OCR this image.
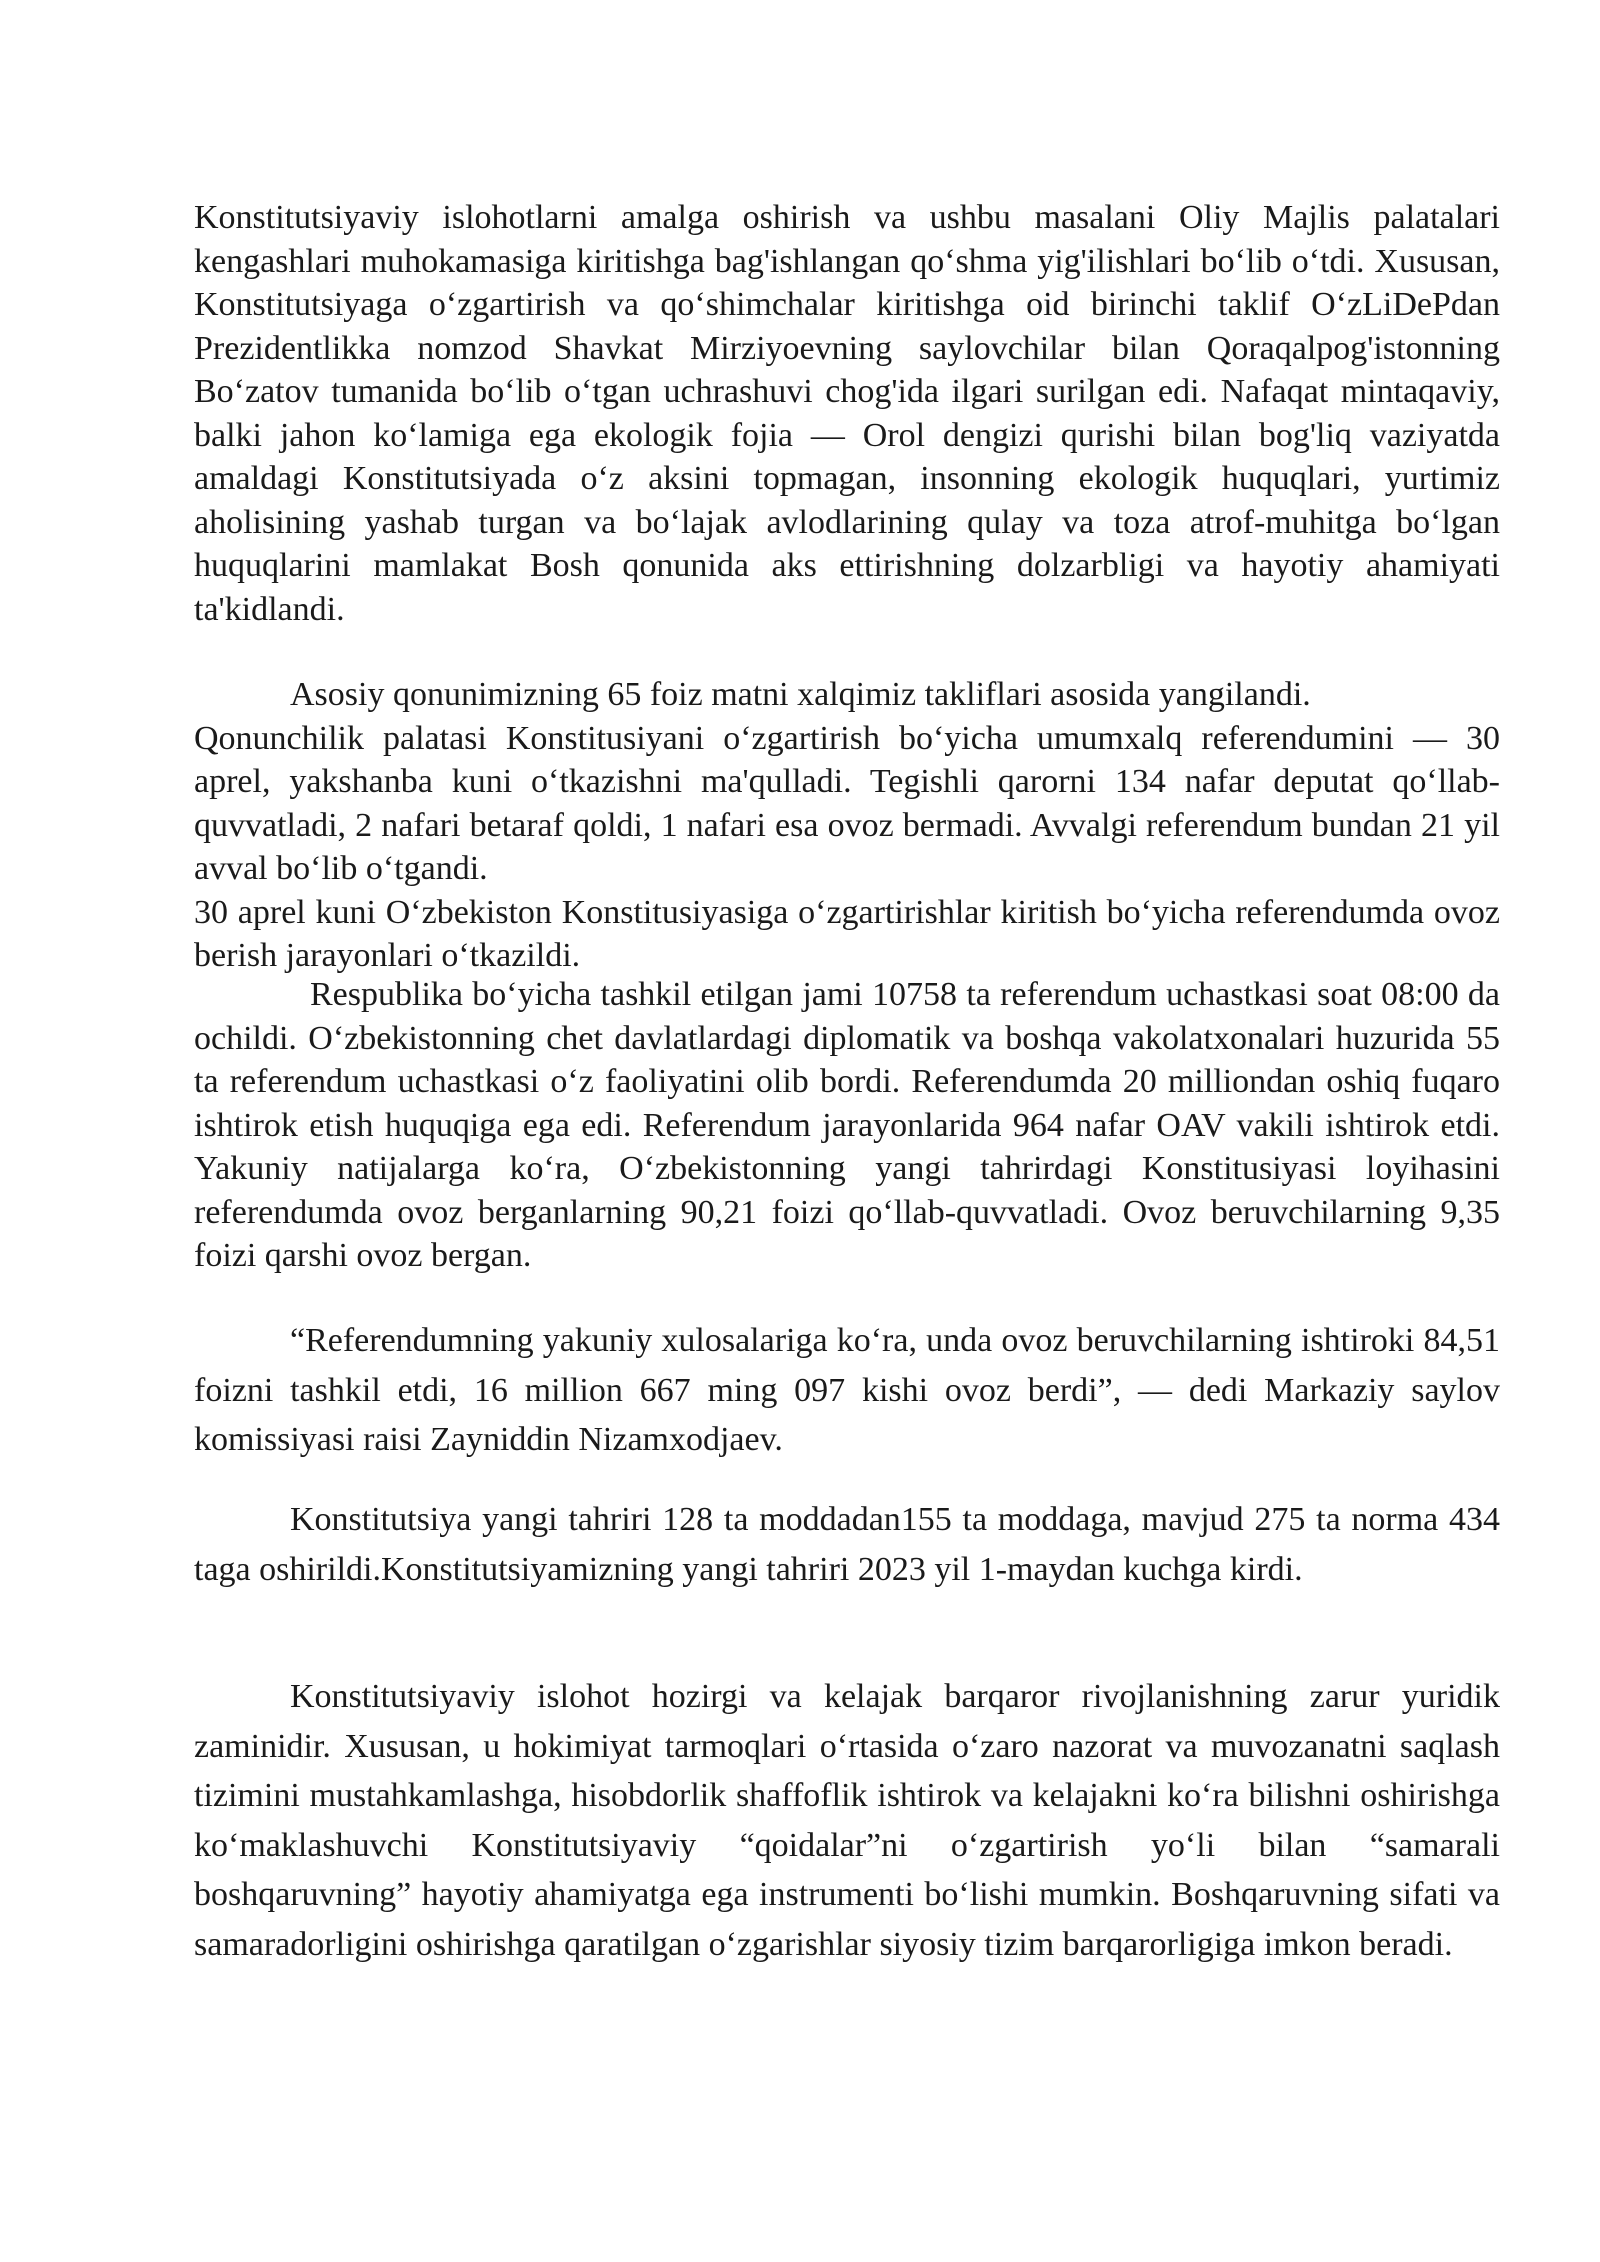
Konstitutsiyaviy islohotlarni amalga oshirish va ushbu masalani Oliy Majlis palatalari kengashlari muhokamasiga kiritishga bag'ishlangan qo‘shma yig'ilishlari bo‘lib o‘tdi. Xususan, Konstitutsiyaga o‘zgartirish va qo‘shimchalar kiritishga oid birinchi taklif O‘zLiDePdan Prezidentlikka nomzod Shavkat Mirziyoevning saylovchilar bilan Qoraqalpog'istonning Bo‘zatov tumanida bo‘lib o‘tgan uchrashuvi chog'ida ilgari surilgan edi. Nafaqat mintaqaviy, balki jahon ko‘lamiga ega ekologik fojia — Orol dengizi qurishi bilan bog'liq vaziyatda amaldagi Konstitutsiyada o‘z aksini topmagan, insonning ekologik huquqlari, yurtimiz aholisining yashab turgan va bo‘lajak avlodlarining qulay va toza atrof-muhitga bo‘lgan huquqlarini mamlakat Bosh qonunida aks ettirishning dolzarbligi va hayotiy ahamiyati ta'kidlandi.

Asosiy qonunimizning 65 foiz matni xalqimiz takliflari asosida yangilandi.
Qonunchilik palatasi Konstitusiyani o‘zgartirish bo‘yicha umumxalq referendumini — 30 aprel, yakshanba kuni o‘tkazishni ma'qulladi. Tegishli qarorni 134 nafar deputat qo‘llab-quvvatladi, 2 nafari betaraf qoldi, 1 nafari esa ovoz bermadi. Avvalgi referendum bundan 21 yil avval bo‘lib o‘tgandi.
30 aprel kuni O‘zbekiston Konstitusiyasiga o‘zgartirishlar kiritish bo‘yicha referendumda ovoz berish jarayonlari o‘tkazildi.

Respublika bo‘yicha tashkil etilgan jami 10758 ta referendum uchastkasi soat 08:00 da ochildi. O‘zbekistonning chet davlatlardagi diplomatik va boshqa vakolatxonalari huzurida 55 ta referendum uchastkasi o‘z faoliyatini olib bordi. Referendumda 20 milliondan oshiq fuqaro ishtirok etish huquqiga ega edi. Referendum jarayonlarida 964 nafar OAV vakili ishtirok etdi. Yakuniy natijalarga ko‘ra, O‘zbekistonning yangi tahrirdagi Konstitusiyasi loyihasini referendumda ovoz berganlarning 90,21 foizi qo‘llab-quvvatladi. Ovoz beruvchilarning 9,35 foizi qarshi ovoz bergan.

“Referendumning yakuniy xulosalariga ko‘ra, unda ovoz beruvchilarning ishtiroki 84,51 foizni tashkil etdi, 16 million 667 ming 097 kishi ovoz berdi”, — dedi Markaziy saylov komissiyasi raisi Zayniddin Nizamxodjaev.

Konstitutsiya yangi tahriri 128 ta moddadan155 ta moddaga, mavjud 275 ta norma 434 taga oshirildi.Konstitutsiyamizning yangi tahriri 2023 yil 1-maydan kuchga kirdi.

Konstitutsiyaviy islohot hozirgi va kelajak barqaror rivojlanishning zarur yuridik zaminidir. Xususan, u hokimiyat tarmoqlari o‘rtasida o‘zaro nazorat va muvozanatni saqlash tizimini mustahkamlashga, hisobdorlik shaffoflik ishtirok va kelajakni ko‘ra bilishni oshirishga ko‘maklashuvchi Konstitutsiyaviy “qoidalar”ni o‘zgartirish yo‘li bilan “samarali boshqaruvning” hayotiy ahamiyatga ega instrumenti bo‘lishi mumkin. Boshqaruvning sifati va samaradorligini oshirishga qaratilgan o‘zgarishlar siyosiy tizim barqarorligiga imkon beradi.
